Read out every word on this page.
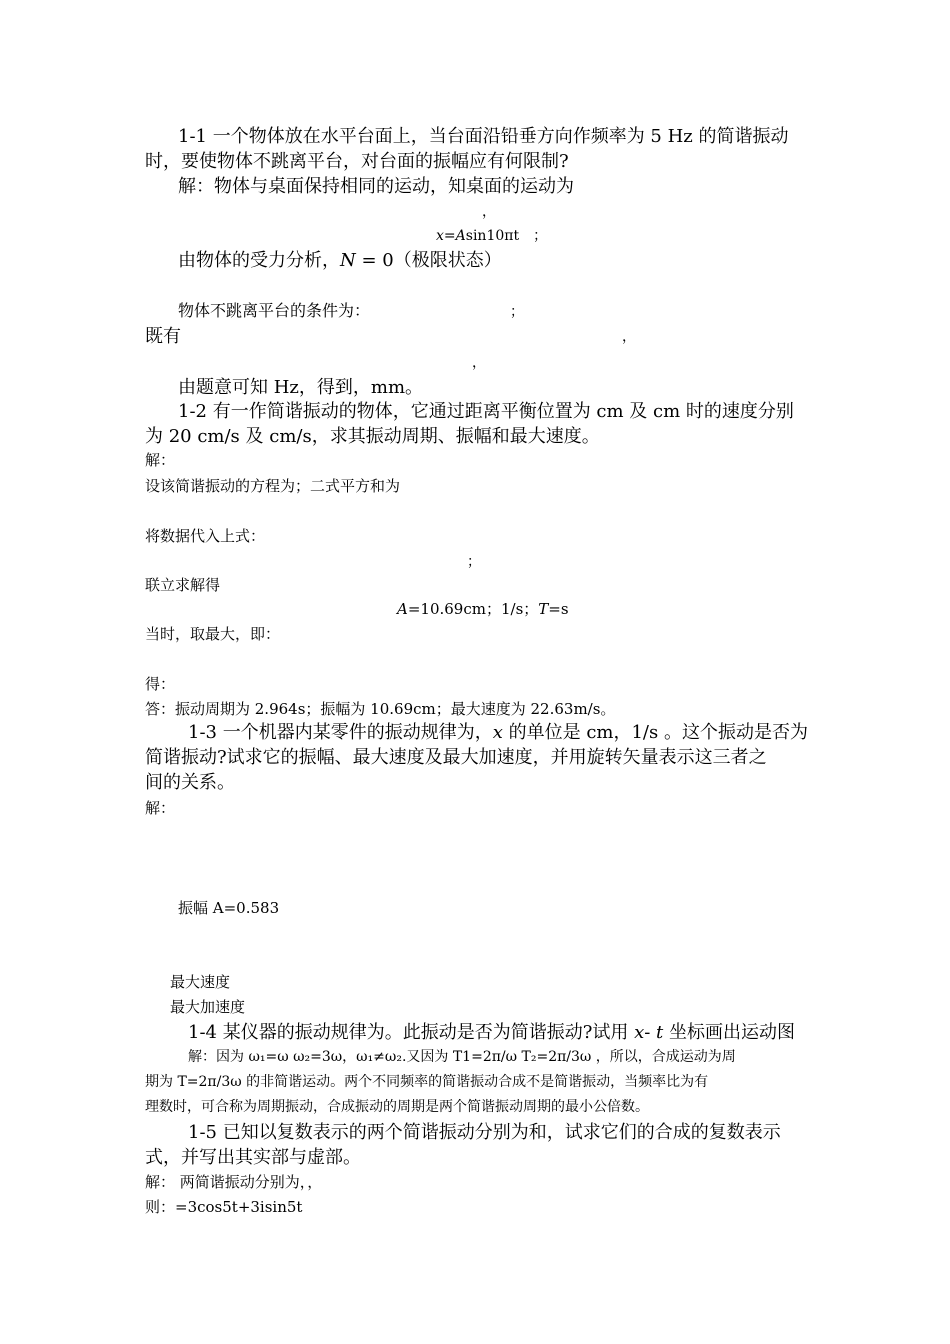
1-1 一个物体放在水平台面上，当台面沿铅垂方向作频率为 5 Hz 的简谐振动
时，要使物体不跳离平台，对台面的振幅应有何限制?
解：物体与桌面保持相同的运动，知桌面的运动为
，
x=Asin10πt ；
由物体的受力分析，N = 0（极限状态）
物体不跳离平台的条件为：	；
既有	，
，
由题意可知 Hz，得到，mm。
1-2 有一作简谐振动的物体，它通过距离平衡位置为 cm 及 cm 时的速度分别
为 20 cm/s 及 cm/s，求其振动周期、振幅和最大速度。
解：
设该简谐振动的方程为；二式平方和为
将数据代入上式：
；
联立求解得
A=10.69cm；1/s；T=s
当时，取最大，即：
得：
答：振动周期为 2.964s；振幅为 10.69cm；最大速度为 22.63m/s。
1-3 一个机器内某零件的振动规律为，x 的单位是 cm，1/s 。这个振动是否为
简谐振动?试求它的振幅、最大速度及最大加速度，并用旋转矢量表示这三者之
间的关系。
解：
振幅 A=0.583
最大速度
最大加速度
1-4 某仪器的振动规律为。此振动是否为简谐振动?试用 x- t 坐标画出运动图
解：因为 ω₁=ω ω₂=3ω，ω₁≠ω₂.又因为 T1=2π/ω T₂=2π/3ω ，所以，合成运动为周
期为 T=2π/3ω 的非简谐运动。两个不同频率的简谐振动合成不是简谐振动，当频率比为有
理数时，可合称为周期振动，合成振动的周期是两个简谐振动周期的最小公倍数。
1-5 已知以复数表示的两个简谐振动分别为和，试求它们的合成的复数表示
式，并写出其实部与虚部。
解： 两简谐振动分别为，，
则：=3cos5t+3isin5t
